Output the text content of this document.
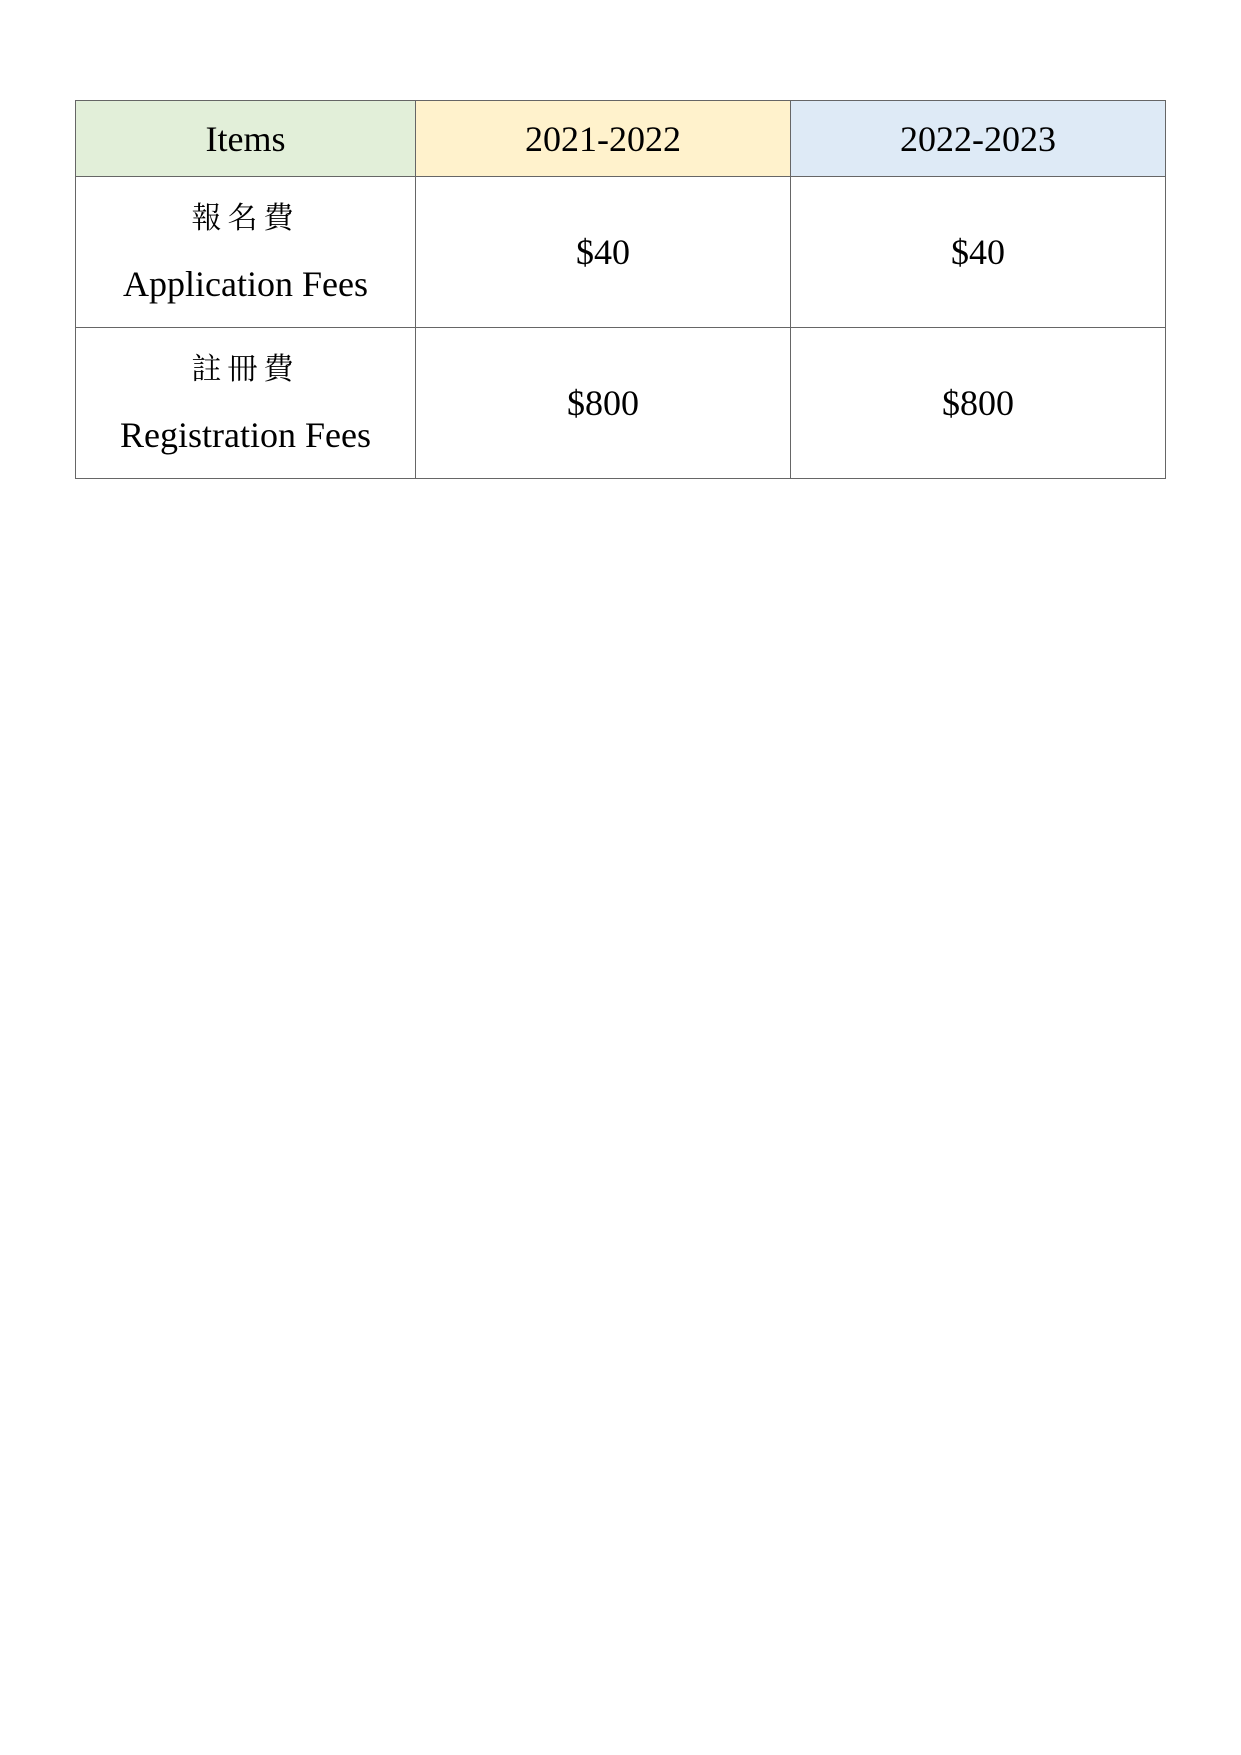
Items	2021-2022	2022-2023

報名費
Application Fees	$40	$40

註冊費
Registration Fees	$800	$800
